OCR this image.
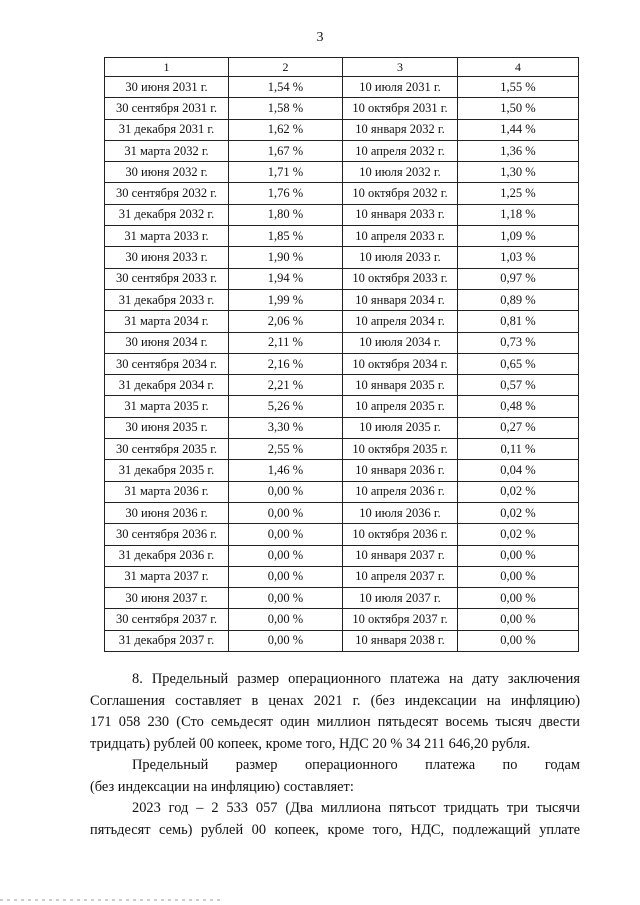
3
1	2	3	4
30 июня 2031 г.	1,54 %	10 июля 2031 г.	1,55 %
30 сентября 2031 г.	1,58 %	10 октября 2031 г.	1,50 %
31 декабря 2031 г.	1,62 %	10 января 2032 г.	1,44 %
31 марта 2032 г.	1,67 %	10 апреля 2032 г.	1,36 %
30 июня 2032 г.	1,71 %	10 июля 2032 г.	1,30 %
30 сентября 2032 г.	1,76 %	10 октября 2032 г.	1,25 %
31 декабря 2032 г.	1,80 %	10 января 2033 г.	1,18 %
31 марта 2033 г.	1,85 %	10 апреля 2033 г.	1,09 %
30 июня 2033 г.	1,90 %	10 июля 2033 г.	1,03 %
30 сентября 2033 г.	1,94 %	10 октября 2033 г.	0,97 %
31 декабря 2033 г.	1,99 %	10 января 2034 г.	0,89 %
31 марта 2034 г.	2,06 %	10 апреля 2034 г.	0,81 %
30 июня 2034 г.	2,11 %	10 июля 2034 г.	0,73 %
30 сентября 2034 г.	2,16 %	10 октября 2034 г.	0,65 %
31 декабря 2034 г.	2,21 %	10 января 2035 г.	0,57 %
31 марта 2035 г.	5,26 %	10 апреля 2035 г.	0,48 %
30 июня 2035 г.	3,30 %	10 июля 2035 г.	0,27 %
30 сентября 2035 г.	2,55 %	10 октября 2035 г.	0,11 %
31 декабря 2035 г.	1,46 %	10 января 2036 г.	0,04 %
31 марта 2036 г.	0,00 %	10 апреля 2036 г.	0,02 %
30 июня 2036 г.	0,00 %	10 июля 2036 г.	0,02 %
30 сентября 2036 г.	0,00 %	10 октября 2036 г.	0,02 %
31 декабря 2036 г.	0,00 %	10 января 2037 г.	0,00 %
31 марта 2037 г.	0,00 %	10 апреля 2037 г.	0,00 %
30 июня 2037 г.	0,00 %	10 июля 2037 г.	0,00 %
30 сентября 2037 г.	0,00 %	10 октября 2037 г.	0,00 %
31 декабря 2037 г.	0,00 %	10 января 2038 г.	0,00 %
8. Предельный размер операционного платежа на дату заключения
Соглашения составляет в ценах 2021 г. (без индексации на инфляцию)
171 058 230 (Сто семьдесят один миллион пятьдесят восемь тысяч двести
тридцать) рублей 00 копеек, кроме того, НДС 20 % 34 211 646,20 рубля.
Предельный размер операционного платежа по годам
(без индексации на инфляцию) составляет:
2023 год – 2 533 057 (Два миллиона пятьсот тридцать три тысячи
пятьдесят семь) рублей 00 копеек, кроме того, НДС, подлежащий уплате
